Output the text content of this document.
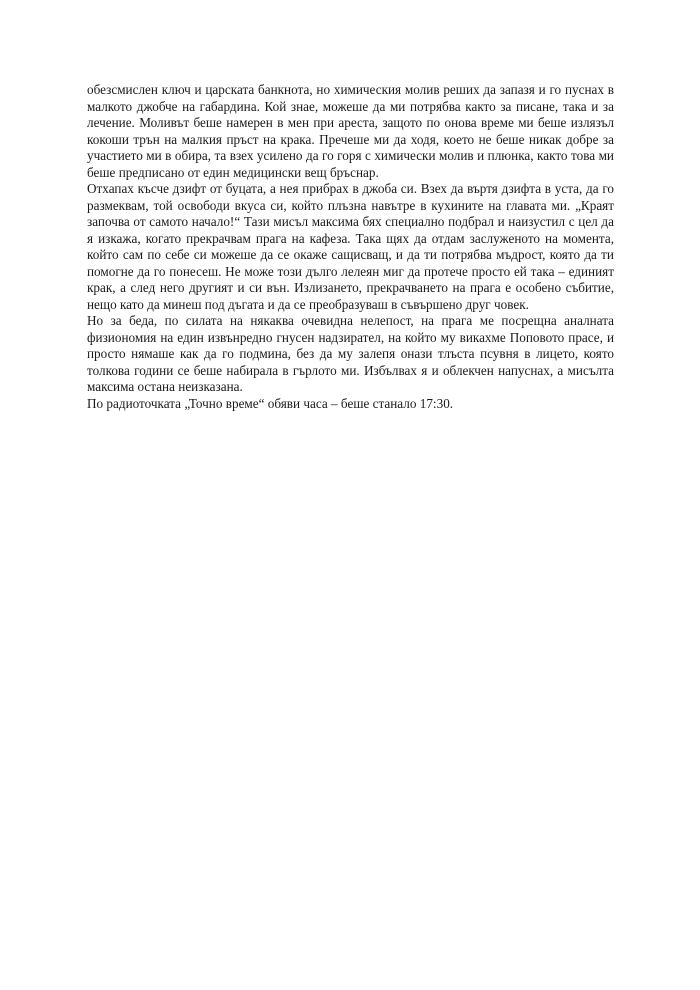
обезсмислен ключ и царската банкнота, но химическия молив реших да запазя и го пуснах в малкото джобче на габардина. Кой знае, можеше да ми потрябва както за писане, така и за лечение. Моливът беше намерен в мен при ареста, защото по онова време ми беше излязъл кокоши трън на малкия пръст на крака. Пречеше ми да ходя, което не беше никак добре за участието ми в обира, та взех усилено да го горя с химически молив и плюнка, както това ми беше предписано от един медицински вещ бръснар.

Отхапах късче дзифт от буцата, а нея прибрах в джоба си. Взех да въртя дзифта в уста, да го размеквам, той освободи вкуса си, който плъзна навътре в кухините на главата ми. „Краят започва от самото начало!“ Тази мисъл максима бях специално подбрал и наизустил с цел да я изкажа, когато прекрачвам прага на кафеза. Така щях да отдам заслуженото на момента, който сам по себе си можеше да се окаже сащисващ, и да ти потрябва мъдрост, която да ти помогне да го понесеш. Не може този дълго лелеян миг да протече просто ей така – единият крак, а след него другият и си вън. Излизането, прекрачването на прага е особено събитие, нещо като да минеш под дъгата и да се преобразуваш в съвършено друг човек.

Но за беда, по силата на някаква очевидна нелепост, на прага ме посрещна аналната физиономия на един извънредно гнусен надзирател, на който му викахме Поповото прасе, и просто нямаше как да го подмина, без да му залепя онази тлъста псувня в лицето, която толкова години се беше набирала в гърлото ми. Избълвах я и облекчен напуснах, а мисълта максима остана неизказана.

По радиоточката „Точно време“ обяви часа – беше станало 17:30.
